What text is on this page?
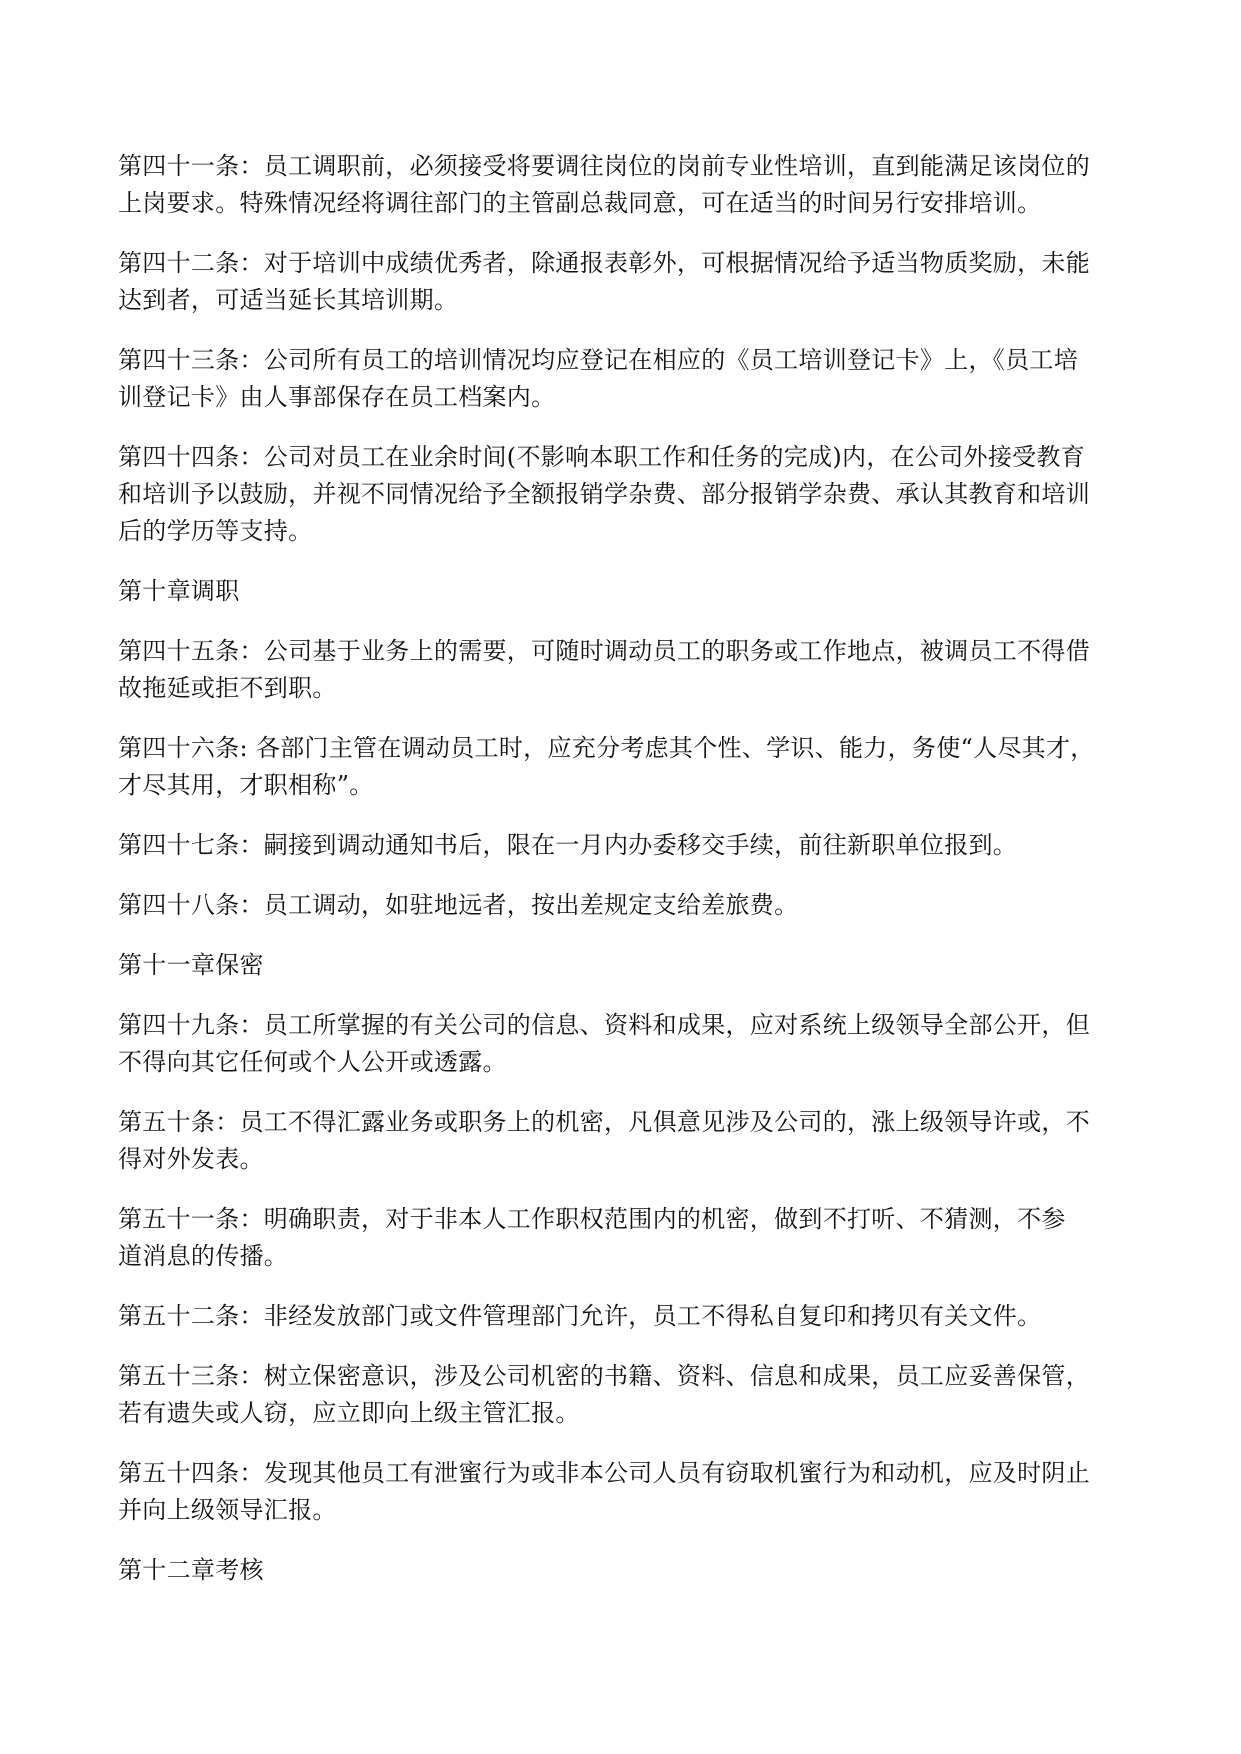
第四十一条：员工调职前，必须接受将要调往岗位的岗前专业性培训，直到能满足该岗位的
上岗要求。特殊情况经将调往部门的主管副总裁同意，可在适当的时间另行安排培训。

第四十二条：对于培训中成绩优秀者，除通报表彰外，可根据情况给予适当物质奖励，未能
达到者，可适当延长其培训期。

第四十三条：公司所有员工的培训情况均应登记在相应的《员工培训登记卡》上，《员工培
训登记卡》由人事部保存在员工档案内。

第四十四条：公司对员工在业余时间(不影响本职工作和任务的完成)内，在公司外接受教育
和培训予以鼓励，并视不同情况给予全额报销学杂费、部分报销学杂费、承认其教育和培训
后的学历等支持。

第十章调职

第四十五条：公司基于业务上的需要，可随时调动员工的职务或工作地点，被调员工不得借
故拖延或拒不到职。

第四十六条: 各部门主管在调动员工时，应充分考虑其个性、学识、能力，务使“人尽其才，
才尽其用，才职相称”。

第四十七条：嗣接到调动通知书后，限在一月内办委移交手续，前往新职单位报到。

第四十八条：员工调动，如驻地远者，按出差规定支给差旅费。

第十一章保密

第四十九条：员工所掌握的有关公司的信息、资料和成果，应对系统上级领导全部公开，但
不得向其它任何或个人公开或透露。

第五十条：员工不得汇露业务或职务上的机密，凡俱意见涉及公司的，涨上级领导许或，不
得对外发表。

第五十一条：明确职责，对于非本人工作职权范围内的机密，做到不打听、不猜测，不参
道消息的传播。

第五十二条：非经发放部门或文件管理部门允许，员工不得私自复印和拷贝有关文件。

第五十三条：树立保密意识，涉及公司机密的书籍、资料、信息和成果，员工应妥善保管，
若有遗失或人窃，应立即向上级主管汇报。

第五十四条：发现其他员工有泄蜜行为或非本公司人员有窃取机蜜行为和动机，应及时阴止
并向上级领导汇报。

第十二章考核
